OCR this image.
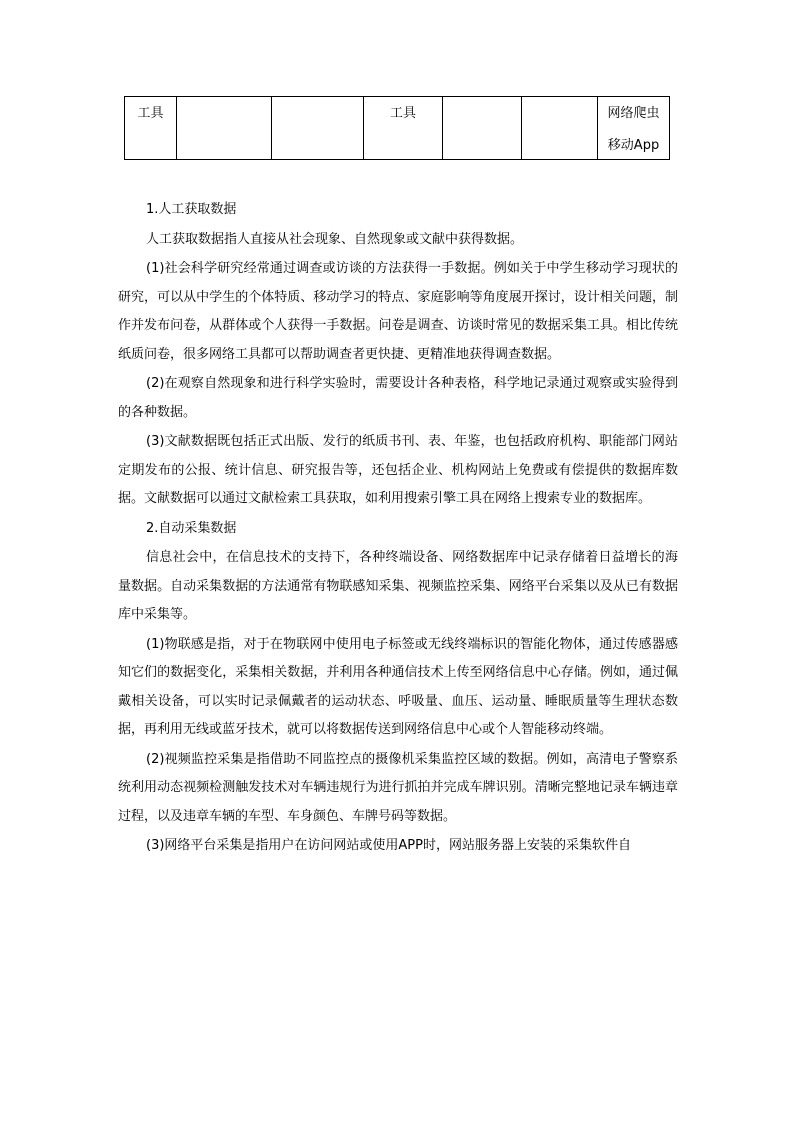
工具			工具			网络爬虫
移动App

1.人工获取数据

人工获取数据指人直接从社会现象、自然现象或文献中获得数据。

(1)社会科学研究经常通过调查或访谈的方法获得一手数据。例如关于中学生移动学习现状的研究，可以从中学生的个体特质、移动学习的特点、家庭影响等角度展开探讨，设计相关问题，制作并发布问卷，从群体或个人获得一手数据。问卷是调查、访谈时常见的数据采集工具。相比传统纸质问卷，很多网络工具都可以帮助调查者更快捷、更精准地获得调查数据。

(2)在观察自然现象和进行科学实验时，需要设计各种表格，科学地记录通过观察或实验得到的各种数据。

(3)文献数据既包括正式出版、发行的纸质书刊、表、年鉴，也包括政府机构、职能部门网站定期发布的公报、统计信息、研究报告等，还包括企业、机构网站上免费或有偿提供的数据库数据。文献数据可以通过文献检索工具获取，如利用搜索引擎工具在网络上搜索专业的数据库。

2.自动采集数据

信息社会中，在信息技术的支持下，各种终端设备、网络数据库中记录存储着日益增长的海量数据。自动采集数据的方法通常有物联感知采集、视频监控采集、网络平台采集以及从已有数据库中采集等。

(1)物联感是指，对于在物联网中使用电子标签或无线终端标识的智能化物体，通过传感器感知它们的数据变化，采集相关数据，并利用各种通信技术上传至网络信息中心存储。例如，通过佩戴相关设备，可以实时记录佩戴者的运动状态、呼吸量、血压、运动量、睡眠质量等生理状态数据，再利用无线或蓝牙技术，就可以将数据传送到网络信息中心或个人智能移动终端。

(2)视频监控采集是指借助不同监控点的摄像机采集监控区域的数据。例如，高清电子警察系统利用动态视频检测触发技术对车辆违规行为进行抓拍并完成车牌识别。清晰完整地记录车辆违章过程，以及违章车辆的车型、车身颜色、车牌号码等数据。

(3)网络平台采集是指用户在访问网站或使用APP时，网站服务器上安装的采集软件自
